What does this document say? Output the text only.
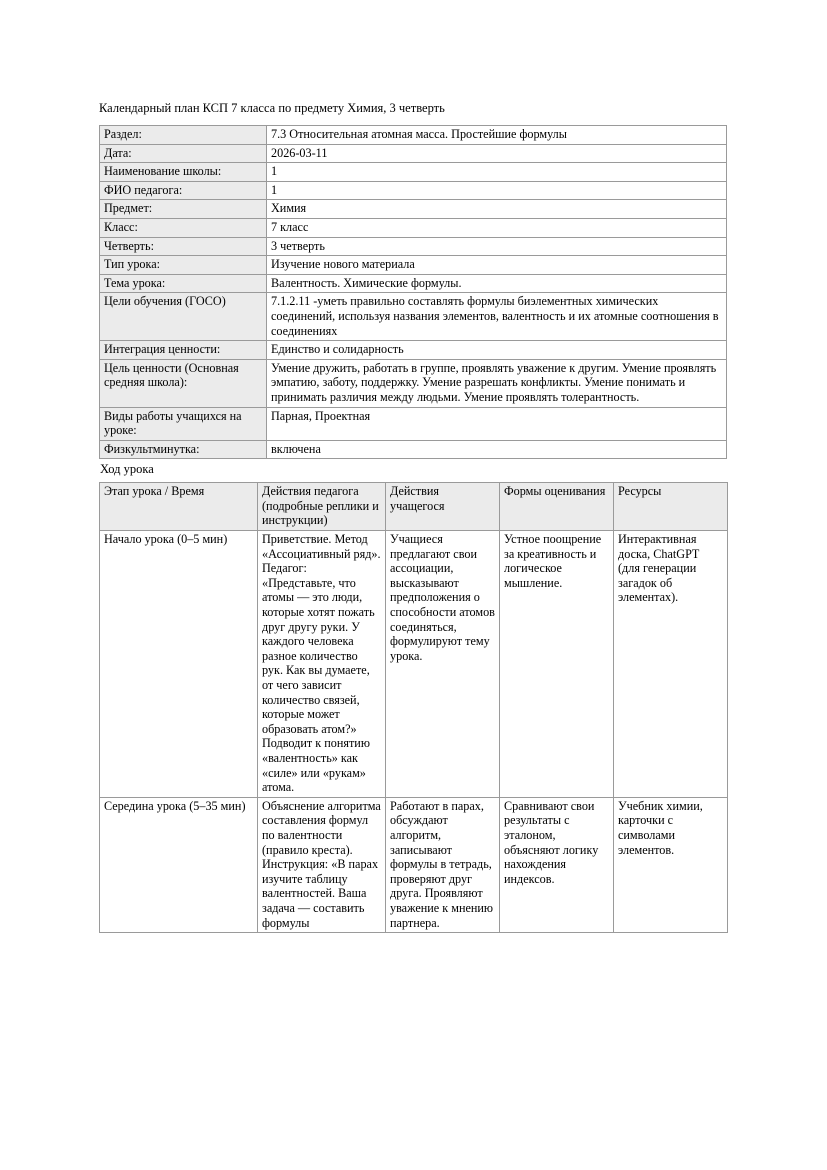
Календарный план КСП 7 класса по предмету Химия, 3 четверть
Раздел:	7.3 Относительная атомная масса. Простейшие формулы
Дата:	2026-03-11
Наименование школы:	1
ФИО педагога:	1
Предмет:	Химия
Класс:	7 класс
Четверть:	3 четверть
Тип урока:	Изучение нового материала
Тема урока:	Валентность. Химические формулы.
Цели обучения (ГОСО)	7.1.2.11 -уметь правильно составлять формулы биэлементных химических соединений, используя названия элементов, валентность и их атомные соотношения в соединениях
Интеграция ценности:	Единство и солидарность
Цель ценности (Основная средняя школа):	Умение дружить, работать в группе, проявлять уважение к другим. Умение проявлять эмпатию, заботу, поддержку. Умение разрешать конфликты. Умение понимать и принимать различия между людьми. Умение проявлять толерантность.
Виды работы учащихся на уроке:	Парная, Проектная
Физкультминутка:	включена
Ход урока
Этап урока / Время	Действия педагога (подробные реплики и инструкции)	Действия учащегося	Формы оценивания	Ресурсы
Начало урока (0–5 мин)	Приветствие. Метод «Ассоциативный ряд». Педагог: «Представьте, что атомы — это люди, которые хотят пожать друг другу руки. У каждого человека разное количество рук. Как вы думаете, от чего зависит количество связей, которые может образовать атом?» Подводит к понятию «валентность» как «силе» или «рукам» атома.	Учащиеся предлагают свои ассоциации, высказывают предположения о способности атомов соединяться, формулируют тему урока.	Устное поощрение за креативность и логическое мышление.	Интерактивная доска, ChatGPT (для генерации загадок об элементах).
Середина урока (5–35 мин)	Объяснение алгоритма составления формул по валентности (правило креста). Инструкция: «В парах изучите таблицу валентностей. Ваша задача — составить формулы	Работают в парах, обсуждают алгоритм, записывают формулы в тетрадь, проверяют друг друга. Проявляют уважение к мнению партнера.	Сравнивают свои результаты с эталоном, объясняют логику нахождения индексов.	Учебник химии, карточки с символами элементов.
